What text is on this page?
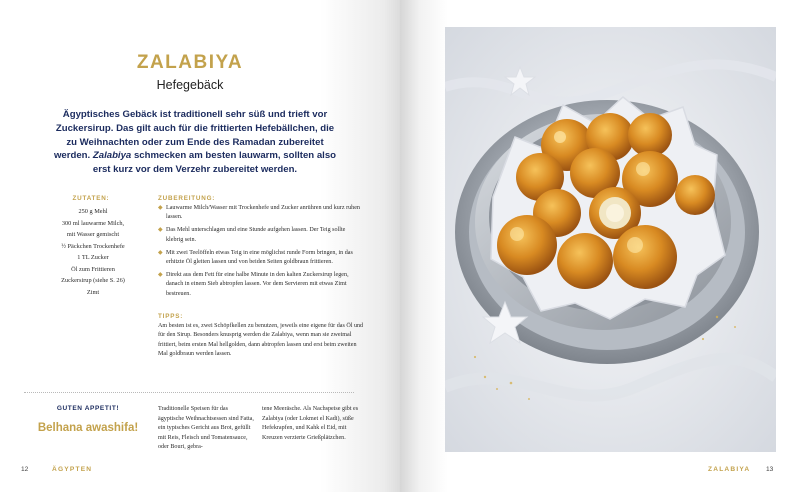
ZALABIYA
Hefegebäck

Ägyptisches Gebäck ist traditionell sehr süß und trieft vor Zuckersirup. Das gilt auch für die frittierten Hefebällchen, die zu Weihnachten oder zum Ende des Ramadan zubereitet werden. Zalabiya schmecken am besten lauwarm, sollten also erst kurz vor dem Verzehr zubereitet werden.

ZUTATEN:
250 g Mehl
300 ml lauwarme Milch,
mit Wasser gemischt
½ Päckchen Trockenhefe
1 TL Zucker
Öl zum Frittieren
Zuckersirup (siehe S. 26)
Zimt
ZUBEREITUNG:
◆ Lauwarme Milch/Wasser mit Trockenhefe und Zucker anrühren und kurz ruhen lassen.
◆ Das Mehl unterschlagen und eine Stunde aufgehen lassen. Der Teig sollte klebrig sein.
◆ Mit zwei Teelöffeln etwas Teig in eine möglichst runde Form bringen, in das erhitzte Öl gleiten lassen und von beiden Seiten goldbraun frittieren.
◆ Direkt aus dem Fett für eine halbe Minute in den kalten Zuckersirup legen, danach in einem Sieb abtropfen lassen. Vor dem Servieren mit etwas Zimt bestreuen.
TIPPS:

Am besten ist es, zwei Schöpfkellen zu benutzen, jeweils eine eigene für das Öl und für den Sirup. Besonders knusprig werden die Zalabiya, wenn man sie zweimal frittiert, beim ersten Mal hellgolden, dann abtropfen lassen und erst beim zweiten Mal goldbraun werden lassen.

GUTEN APPETIT!
Belhana awashifa!

Traditionelle Speisen für das ägyptische Weihnachtsessen sind Fatta, ein typisches Gericht aus Brot, gefüllt mit Reis, Fleisch und Tomatensauce, oder Bouri, gebra-

tene Meeräsche. Als Nachspeise gibt es Zalabiya (oder Lokmet el Kadi), süße Hefekrapfen, und Kahk el Eid, mit Kreuzen verzierte Grießplätzchen.

12	ÄGYPTEN	ZALABIYA 13
